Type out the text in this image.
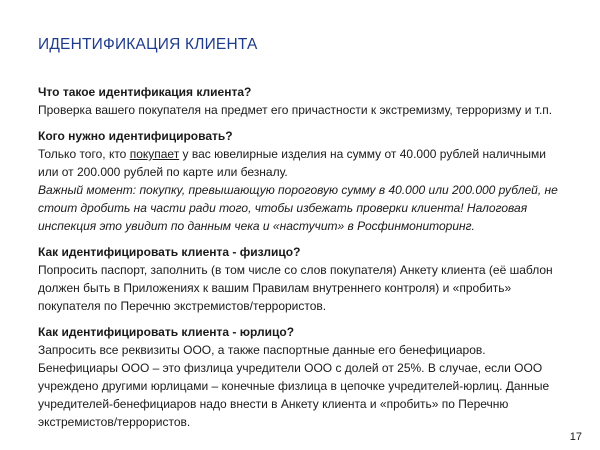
ИДЕНТИФИКАЦИЯ КЛИЕНТА
Что такое идентификация клиента?
Проверка вашего покупателя на предмет его причастности к экстремизму, терроризму и т.п.
Кого нужно идентифицировать?
Только того, кто покупает у вас ювелирные изделия на сумму от 40.000 рублей наличными или от 200.000 рублей по карте или безналу.
Важный момент: покупку, превышающую пороговую сумму в 40.000 или 200.000 рублей, не стоит дробить на части ради того, чтобы избежать проверки клиента! Налоговая инспекция это увидит по данным чека и «настучит» в Росфинмониторинг.
Как идентифицировать клиента - физлицо?
Попросить паспорт, заполнить (в том числе со слов покупателя) Анкету клиента (её шаблон должен быть в Приложениях к вашим Правилам внутреннего контроля) и «пробить» покупателя по Перечню экстремистов/террористов.
Как идентифицировать клиента - юрлицо?
Запросить все реквизиты ООО, а также паспортные данные его бенефициаров. Бенефициары ООО – это физлица учредители ООО с долей от 25%. В случае, если ООО учреждено другими юрлицами – конечные физлица в цепочке учредителей-юрлиц. Данные учредителей-бенефициаров надо внести в Анкету клиента и «пробить» по Перечню экстремистов/террористов.
17
